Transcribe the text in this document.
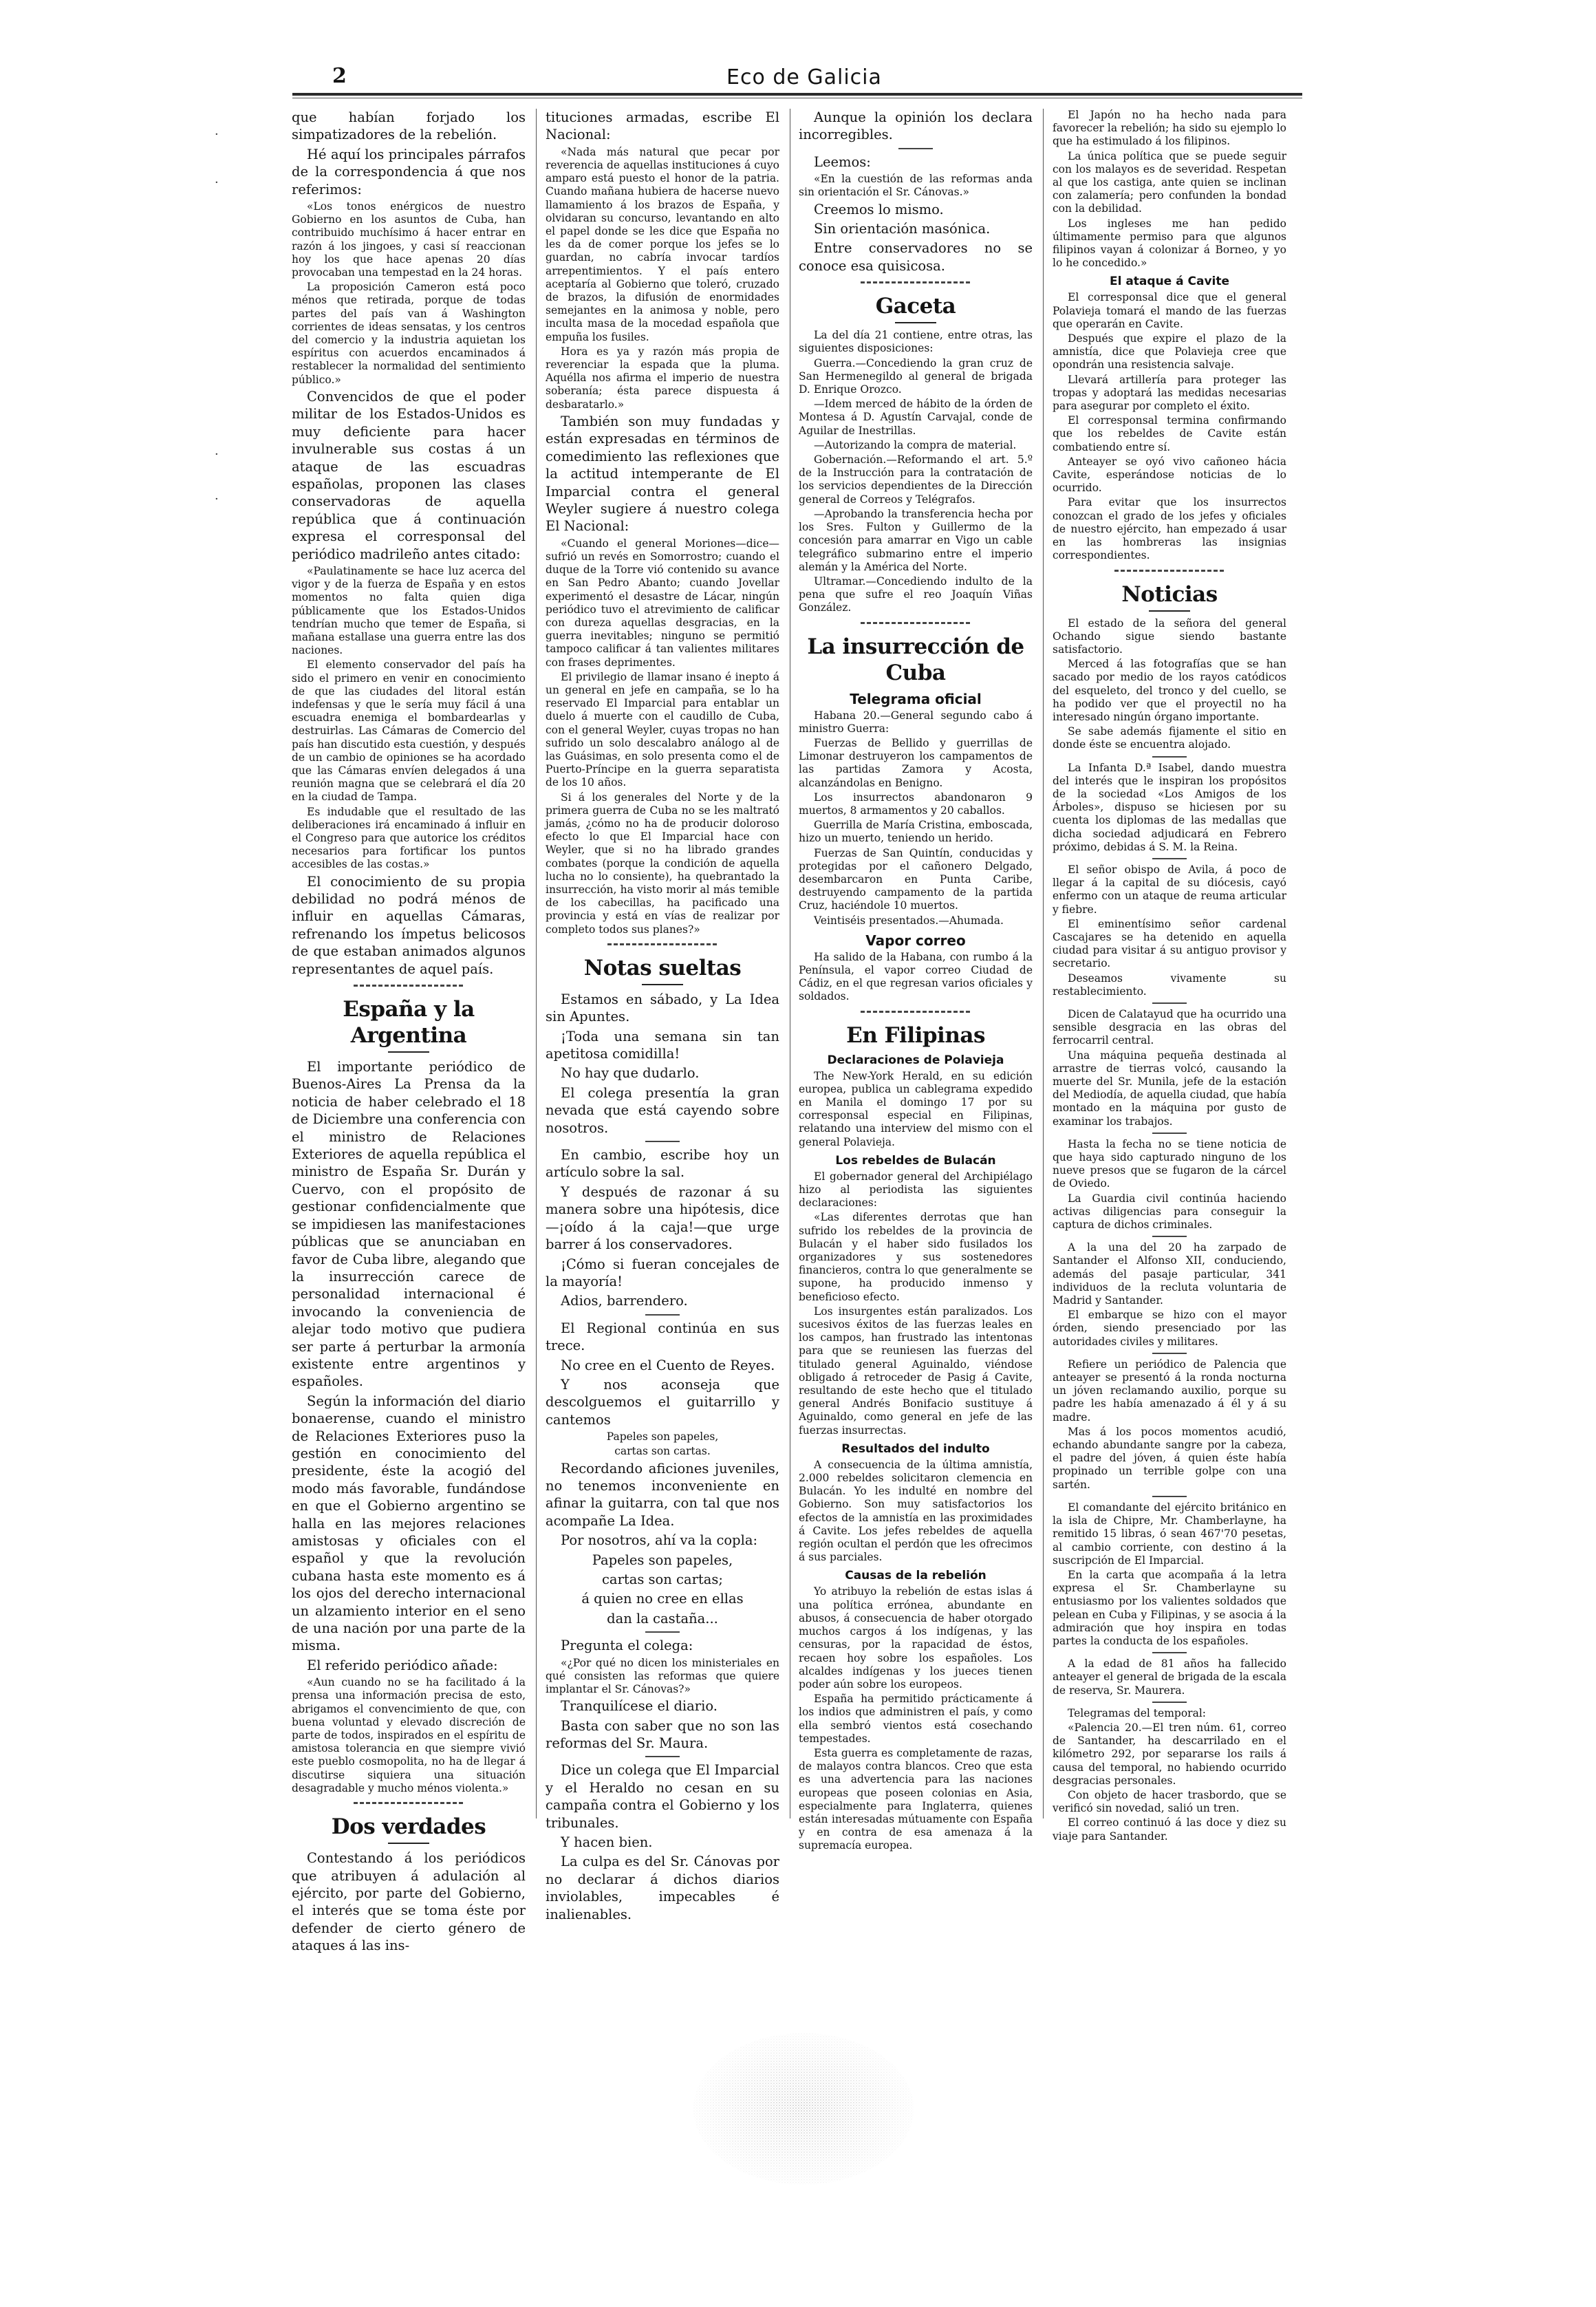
2	Eco de Galicia
·
·
·
·

que habían forjado los simpatizadores de la rebelión.

Hé aquí los principales párrafos de la correspondencia á que nos referimos:

«Los tonos enérgicos de nuestro Gobierno en los asuntos de Cuba, han contribuido muchísimo á hacer entrar en razón á los jingoes, y casi sí reaccionan hoy los que hace apenas 20 días provocaban una tempestad en la 24 horas.

La proposición Cameron está poco ménos que retirada, porque de todas partes del país van á Washington corrientes de ideas sensatas, y los centros del comercio y la industria aquietan los espíritus con acuerdos encaminados á restablecer la normalidad del sentimiento público.»

Convencidos de que el poder militar de los Estados-Unidos es muy deficiente para hacer invulnerable sus costas á un ataque de las escuadras españolas, proponen las clases conservadoras de aquella república que á continuación expresa el corresponsal del periódico madrileño antes citado:

«Paulatinamente se hace luz acerca del vigor y de la fuerza de España y en estos momentos no falta quien diga públicamente que los Estados-Unidos tendrían mucho que temer de España, si mañana estallase una guerra entre las dos naciones.

El elemento conservador del país ha sido el primero en venir en conocimiento de que las ciudades del litoral están indefensas y que le sería muy fácil á una escuadra enemiga el bombardearlas y destruirlas. Las Cámaras de Comercio del país han discutido esta cuestión, y después de un cambio de opiniones se ha acordado que las Cámaras envíen delegados á una reunión magna que se celebrará el día 20 en la ciudad de Tampa.

Es indudable que el resultado de las deliberaciones irá encaminado á influir en el Congreso para que autorice los créditos necesarios para fortificar los puntos accesibles de las costas.»

El conocimiento de su propia debilidad no podrá ménos de influir en aquellas Cámaras, refrenando los ímpetus belicosos de que estaban animados algunos representantes de aquel país.

España y la Argentina

El importante periódico de Buenos-Aires La Prensa da la noticia de haber celebrado el 18 de Diciembre una conferencia con el ministro de Relaciones Exteriores de aquella república el ministro de España Sr. Durán y Cuervo, con el propósito de gestionar confidencialmente que se impidiesen las manifestaciones públicas que se anunciaban en favor de Cuba libre, alegando que la insurrección carece de personalidad internacional é invocando la conveniencia de alejar todo motivo que pudiera ser parte á perturbar la armonía existente entre argentinos y españoles.

Según la información del diario bonaerense, cuando el ministro de Relaciones Exteriores puso la gestión en conocimiento del presidente, éste la acogió del modo más favorable, fundándose en que el Gobierno argentino se halla en las mejores relaciones amistosas y oficiales con el español y que la revolución cubana hasta este momento es á los ojos del derecho internacional un alzamiento interior en el seno de una nación por una parte de la misma.

El referido periódico añade:

«Aun cuando no se ha facilitado á la prensa una información precisa de esto, abrigamos el convencimiento de que, con buena voluntad y elevado discreción de parte de todos, inspirados en el espíritu de amistosa tolerancia en que siempre vivió este pueblo cosmopolita, no ha de llegar á discutirse siquiera una situación desagradable y mucho ménos violenta.»

Dos verdades

Contestando á los periódicos que atribuyen á adulación al ejército, por parte del Gobierno, el interés que se toma éste por defender de cierto género de ataques á las ins-

tituciones armadas, escribe El Nacional:

«Nada más natural que pecar por reverencia de aquellas instituciones á cuyo amparo está puesto el honor de la patria. Cuando mañana hubiera de hacerse nuevo llamamiento á los brazos de España, y olvidaran su concurso, levantando en alto el papel donde se les dice que España no les da de comer porque los jefes se lo guardan, no cabría invocar tardíos arrepentimientos. Y el país entero aceptaría al Gobierno que toleró, cruzado de brazos, la difusión de enormidades semejantes en la animosa y noble, pero inculta masa de la mocedad española que empuña los fusiles.

Hora es ya y razón más propia de reverenciar la espada que la pluma. Aquélla nos afirma el imperio de nuestra soberanía; ésta parece dispuesta á desbaratarlo.»

También son muy fundadas y están expresadas en términos de comedimiento las reflexiones que la actitud intemperante de El Imparcial contra el general Weyler sugiere á nuestro colega El Nacional:

«Cuando el general Moriones—dice—sufrió un revés en Somorrostro; cuando el duque de la Torre vió contenido su avance en San Pedro Abanto; cuando Jovellar experimentó el desastre de Lácar, ningún periódico tuvo el atrevimiento de calificar con dureza aquellas desgracias, en la guerra inevitables; ninguno se permitió tampoco calificar á tan valientes militares con frases deprimentes.

El privilegio de llamar insano é inepto á un general en jefe en campaña, se lo ha reservado El Imparcial para entablar un duelo á muerte con el caudillo de Cuba, con el general Weyler, cuyas tropas no han sufrido un solo descalabro análogo al de las Guásimas, en solo presenta como el de Puerto-Príncipe en la guerra separatista de los 10 años.

Si á los generales del Norte y de la primera guerra de Cuba no se les maltrató jamás, ¿cómo no ha de producir doloroso efecto lo que El Imparcial hace con Weyler, que si no ha librado grandes combates (porque la condición de aquella lucha no lo consiente), ha quebrantado la insurrección, ha visto morir al más temible de los cabecillas, ha pacificado una provincia y está en vías de realizar por completo todos sus planes?»

Notas sueltas

Estamos en sábado, y La Idea sin Apuntes.

¡Toda una semana sin tan apetitosa comidilla!

No hay que dudarlo.

El colega presentía la gran nevada que está cayendo sobre nosotros.

En cambio, escribe hoy un artículo sobre la sal.

Y después de razonar á su manera sobre una hipótesis, dice—¡oído á la caja!—que urge barrer á los conservadores.

¡Cómo si fueran concejales de la mayoría!

Adios, barrendero.

El Regional continúa en sus trece.

No cree en el Cuento de Reyes.

Y nos aconseja que descolguemos el guitarrillo y cantemos

Papeles son papeles,

cartas son cartas.

Recordando aficiones juveniles, no tenemos inconveniente en afinar la guitarra, con tal que nos acompañe La Idea.

Por nosotros, ahí va la copla:

Papeles son papeles,

cartas son cartas;

á quien no cree en ellas

dan la castaña...

Pregunta el colega:

«¿Por qué no dicen los ministeriales en qué consisten las reformas que quiere implantar el Sr. Cánovas?»

Tranquilícese el diario.

Basta con saber que no son las reformas del Sr. Maura.

Dice un colega que El Imparcial y el Heraldo no cesan en su campaña contra el Gobierno y los tribunales.

Y hacen bien.

La culpa es del Sr. Cánovas por no declarar á dichos diarios inviolables, impecables é inalienables.

Aunque la opinión los declara incorregibles.

Leemos:

«En la cuestión de las reformas anda sin orientación el Sr. Cánovas.»

Creemos lo mismo.

Sin orientación masónica.

Entre conservadores no se conoce esa quisicosa.

Gaceta

La del día 21 contiene, entre otras, las siguientes disposiciones:

Guerra.—Concediendo la gran cruz de San Hermenegildo al general de brigada D. Enrique Orozco.

—Idem merced de hábito de la órden de Montesa á D. Agustín Carvajal, conde de Aguilar de Inestrillas.

—Autorizando la compra de material.

Gobernación.—Reformando el art. 5.º de la Instrucción para la contratación de los servicios dependientes de la Dirección general de Correos y Telégrafos.

—Aprobando la transferencia hecha por los Sres. Fulton y Guillermo de la concesión para amarrar en Vigo un cable telegráfico submarino entre el imperio alemán y la América del Norte.

Ultramar.—Concediendo indulto de la pena que sufre el reo Joaquín Viñas González.

La insurrección de Cuba
Telegrama oficial

Habana 20.—General segundo cabo á ministro Guerra:

Fuerzas de Bellido y guerrillas de Limonar destruyeron los campamentos de las partidas Zamora y Acosta, alcanzándolas en Benigno.

Los insurrectos abandonaron 9 muertos, 8 armamentos y 20 caballos.

Guerrilla de María Cristina, emboscada, hizo un muerto, teniendo un herido.

Fuerzas de San Quintín, conducidas y protegidas por el cañonero Delgado, desembarcaron en Punta Caribe, destruyendo campamento de la partida Cruz, haciéndole 10 muertos.

Veintiséis presentados.—Ahumada.

Vapor correo

Ha salido de la Habana, con rumbo á la Península, el vapor correo Ciudad de Cádiz, en el que regresan varios oficiales y soldados.

En Filipinas
Declaraciones de Polavieja

The New-York Herald, en su edición europea, publica un cablegrama expedido en Manila el domingo 17 por su corresponsal especial en Filipinas, relatando una interview del mismo con el general Polavieja.

Los rebeldes de Bulacán

El gobernador general del Archipiélago hizo al periodista las siguientes declaraciones:

«Las diferentes derrotas que han sufrido los rebeldes de la provincia de Bulacán y el haber sido fusilados los organizadores y sus sostenedores financieros, contra lo que generalmente se supone, ha producido inmenso y beneficioso efecto.

Los insurgentes están paralizados. Los sucesivos éxitos de las fuerzas leales en los campos, han frustrado las intentonas para que se reuniesen las fuerzas del titulado general Aguinaldo, viéndose obligado á retroceder de Pasig á Cavite, resultando de este hecho que el titulado general Andrés Bonifacio sustituye á Aguinaldo, como general en jefe de las fuerzas insurrectas.

Resultados del indulto

A consecuencia de la última amnistía, 2.000 rebeldes solicitaron clemencia en Bulacán. Yo les indulté en nombre del Gobierno. Son muy satisfactorios los efectos de la amnistía en las proximidades á Cavite. Los jefes rebeldes de aquella región ocultan el perdón que les ofrecimos á sus parciales.

Causas de la rebelión

Yo atribuyo la rebelión de estas islas á una política errónea, abundante en abusos, á consecuencia de haber otorgado muchos cargos á los indígenas, y las censuras, por la rapacidad de éstos, recaen hoy sobre los españoles. Los alcaldes indígenas y los jueces tienen poder aún sobre los europeos.

España ha permitido prácticamente á los indios que administren el país, y como ella sembró vientos está cosechando tempestades.

Esta guerra es completamente de razas, de malayos contra blancos. Creo que esta es una advertencia para las naciones europeas que poseen colonias en Asia, especialmente para Inglaterra, quienes están interesadas mútuamente con España y en contra de esa amenaza á la supremacía europea.

El Japón no ha hecho nada para favorecer la rebelión; ha sido su ejemplo lo que ha estimulado á los filipinos.

La única política que se puede seguir con los malayos es de severidad. Respetan al que los castiga, ante quien se inclinan con zalamería; pero confunden la bondad con la debilidad.

Los ingleses me han pedido últimamente permiso para que algunos filipinos vayan á colonizar á Borneo, y yo lo he concedido.»

El ataque á Cavite

El corresponsal dice que el general Polavieja tomará el mando de las fuerzas que operarán en Cavite.

Después que expire el plazo de la amnistía, dice que Polavieja cree que opondrán una resistencia salvaje.

Llevará artillería para proteger las tropas y adoptará las medidas necesarias para asegurar por completo el éxito.

El corresponsal termina confirmando que los rebeldes de Cavite están combatiendo entre sí.

Anteayer se oyó vivo cañoneo hácia Cavite, esperándose noticias de lo ocurrido.

Para evitar que los insurrectos conozcan el grado de los jefes y oficiales de nuestro ejército, han empezado á usar en las hombreras las insignias correspondientes.

Noticias

El estado de la señora del general Ochando sigue siendo bastante satisfactorio.

Merced á las fotografías que se han sacado por medio de los rayos catódicos del esqueleto, del tronco y del cuello, se ha podido ver que el proyectil no ha interesado ningún órgano importante.

Se sabe además fijamente el sitio en donde éste se encuentra alojado.

La Infanta D.ª Isabel, dando muestra del interés que le inspiran los propósitos de la sociedad «Los Amigos de los Árboles», dispuso se hiciesen por su cuenta los diplomas de las medallas que dicha sociedad adjudicará en Febrero próximo, debidas á S. M. la Reina.

El señor obispo de Avila, á poco de llegar á la capital de su diócesis, cayó enfermo con un ataque de reuma articular y fiebre.

El eminentísimo señor cardenal Cascajares se ha detenido en aquella ciudad para visitar á su antiguo provisor y secretario.

Deseamos vivamente su restablecimiento.

Dicen de Calatayud que ha ocurrido una sensible desgracia en las obras del ferrocarril central.

Una máquina pequeña destinada al arrastre de tierras volcó, causando la muerte del Sr. Munila, jefe de la estación del Mediodía, de aquella ciudad, que había montado en la máquina por gusto de examinar los trabajos.

Hasta la fecha no se tiene noticia de que haya sido capturado ninguno de los nueve presos que se fugaron de la cárcel de Oviedo.

La Guardia civil continúa haciendo activas diligencias para conseguir la captura de dichos criminales.

A la una del 20 ha zarpado de Santander el Alfonso XII, conduciendo, además del pasaje particular, 341 individuos de la recluta voluntaria de Madrid y Santander.

El embarque se hizo con el mayor órden, siendo presenciado por las autoridades civiles y militares.

Refiere un periódico de Palencia que anteayer se presentó á la ronda nocturna un jóven reclamando auxilio, porque su padre les había amenazado á él y á su madre.

Mas á los pocos momentos acudió, echando abundante sangre por la cabeza, el padre del jóven, á quien éste había propinado un terrible golpe con una sartén.

El comandante del ejército británico en la isla de Chipre, Mr. Chamberlayne, ha remitido 15 libras, ó sean 467'70 pesetas, al cambio corriente, con destino á la suscripción de El Imparcial.

En la carta que acompaña á la letra expresa el Sr. Chamberlayne su entusiasmo por los valientes soldados que pelean en Cuba y Filipinas, y se asocia á la admiración que hoy inspira en todas partes la conducta de los españoles.

A la edad de 81 años ha fallecido anteayer el general de brigada de la escala de reserva, Sr. Maurera.

Telegramas del temporal:

«Palencia 20.—El tren núm. 61, correo de Santander, ha descarrilado en el kilómetro 292, por separarse los rails á causa del temporal, no habiendo ocurrido desgracias personales.

Con objeto de hacer trasbordo, que se verificó sin novedad, salió un tren.

El correo continuó á las doce y diez su viaje para Santander.
